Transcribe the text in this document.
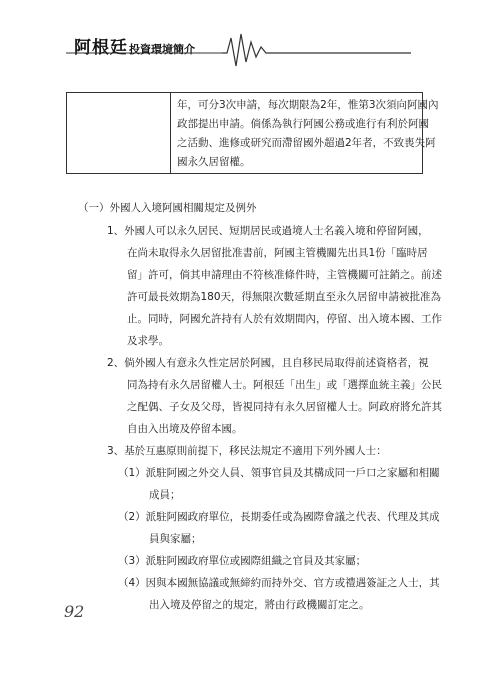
阿根廷投資環境簡介
年，可分3次申請，每次期限為2年，惟第3次須向阿國內
政部提出申請。倘係為執行阿國公務或進行有利於阿國
之活動、進修或研究而滯留國外超過2年者，不致喪失阿
國永久居留權。
（一）外國人入境阿國相關規定及例外
1、外國人可以永久居民、短期居民或過境人士名義入境和停留阿國，
在尚未取得永久居留批准書前，阿國主管機關先出具1份「臨時居
留」許可，倘其申請理由不符核准條件時，主管機關可註銷之。前述
許可最長效期為180天，得無限次數延期直至永久居留申請被批准為
止。同時，阿國允許持有人於有效期間內，停留、出入境本國、工作
及求學。
2、倘外國人有意永久性定居於阿國，且自移民局取得前述資格者，視
同為持有永久居留權人士。阿根廷「出生」或「選擇血統主義」公民
之配偶、子女及父母，皆視同持有永久居留權人士。阿政府將允許其
自由入出境及停留本國。
3、基於互惠原則前提下，移民法規定不適用下列外國人士：
（1）派駐阿國之外交人員、領事官員及其構成同一戶口之家屬和相關
成員；
（2）派駐阿國政府單位，長期委任或為國際會議之代表、代理及其成
員與家屬；
（3）派駐阿國政府單位或國際組織之官員及其家屬；
（4）因與本國無協議或無締約而持外交、官方或禮遇簽証之人士，其
出入境及停留之的規定，將由行政機關訂定之。
92
